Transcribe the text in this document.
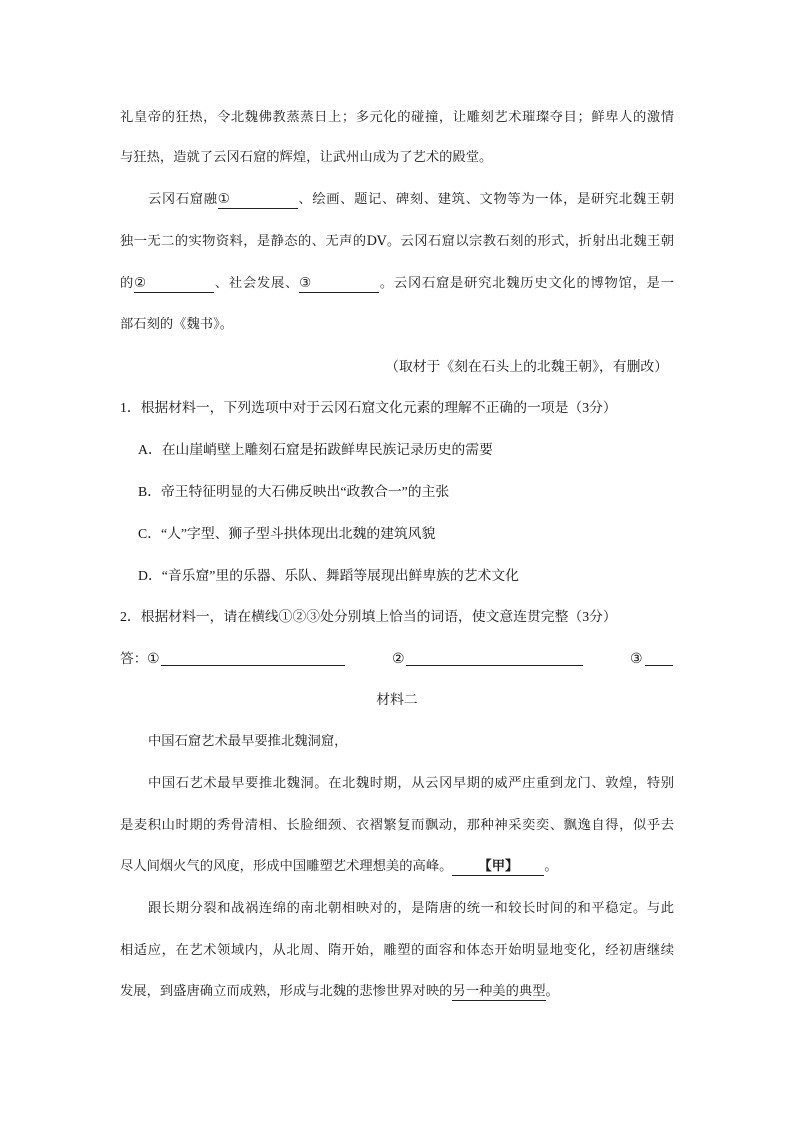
礼皇帝的狂热，令北魏佛教蒸蒸日上；多元化的碰撞，让雕刻艺术璀璨夺目；鲜卑人的激情
与狂热，造就了云冈石窟的辉煌，让武州山成为了艺术的殿堂。
云冈石窟融①	、绘画、题记、碑刻、建筑、文物等为一体，是研究北魏王朝
独一无二的实物资料，是静态的、无声的DV。云冈石窟以宗教石刻的形式，折射出北魏王朝
的②	、社会发展、③	。云冈石窟是研究北魏历史文化的博物馆，是一
部石刻的《魏书》。
（取材于《刻在石头上的北魏王朝》，有删改）
1．根据材料一，下列选项中对于云冈石窟文化元素的理解不正确的一项是（3分）
A．在山崖峭壁上雕刻石窟是拓跋鲜卑民族记录历史的需要
B．帝王特征明显的大石佛反映出“政教合一”的主张
C．“人”字型、狮子型斗拱体现出北魏的建筑风貌
D．“音乐窟”里的乐器、乐队、舞蹈等展现出鲜卑族的艺术文化
2．根据材料一，请在横线①②③处分别填上恰当的词语，使文意连贯完整（3分）
答： ①	②	③
材料二
中国石窟艺术最早要推北魏洞窟，
中国石艺术最早要推北魏洞。在北魏时期，从云冈早期的威严庄重到龙门、敦煌，特别
是麦积山时期的秀骨清相、长脸细颈、衣褶繁复而飘动，那种神采奕奕、飘逸自得，似乎去
尽人间烟火气的风度，形成中国雕塑艺术理想美的高峰。 【甲】 。
跟长期分裂和战祸连绵的南北朝相映对的，是隋唐的统一和较长时间的和平稳定。与此
相适应，在艺术领域内，从北周、隋开始，雕塑的面容和体态开始明显地变化，经初唐继续
发展，到盛唐确立而成熟，形成与北魏的悲惨世界对映的另一种美的典型。
